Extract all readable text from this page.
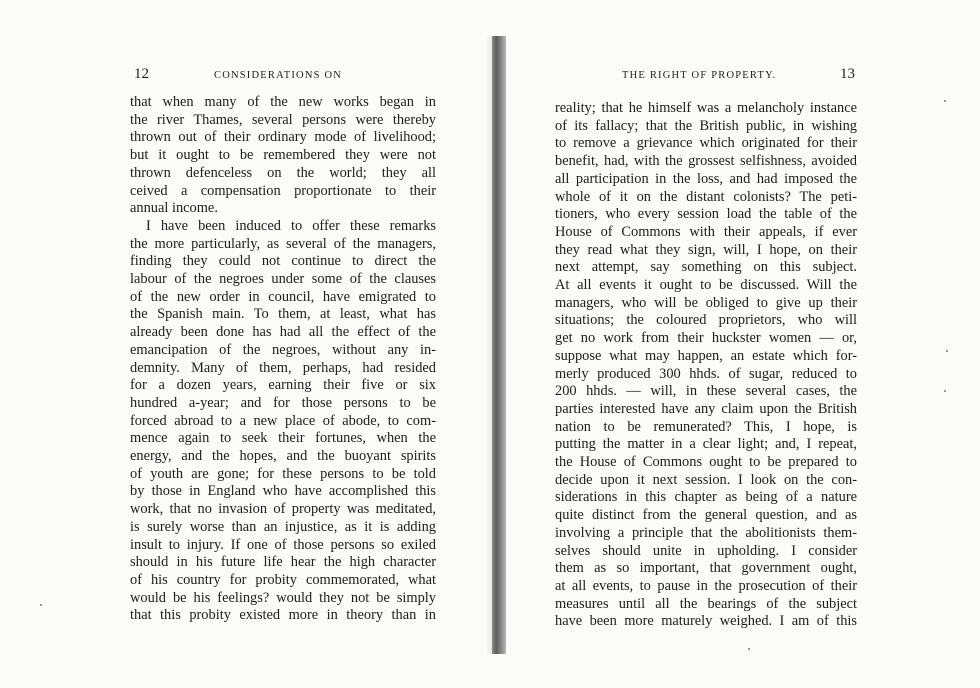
12	CONSIDERATIONS ON
that when many of the new works began in
the river Thames, several persons were thereby
thrown out of their ordinary mode of livelihood;
but it ought to be remembered they were not
thrown defenceless on the world; they all
ceived a compensation proportionate to their
annual income.
I have been induced to offer these remarks
the more particularly, as several of the managers,
finding they could not continue to direct the
labour of the negroes under some of the clauses
of the new order in council, have emigrated to
the Spanish main. To them, at least, what has
already been done has had all the effect of the
emancipation of the negroes, without any in-
demnity. Many of them, perhaps, had resided
for a dozen years, earning their five or six
hundred a-year; and for those persons to be
forced abroad to a new place of abode, to com-
mence again to seek their fortunes, when the
energy, and the hopes, and the buoyant spirits
of youth are gone; for these persons to be told
by those in England who have accomplished this
work, that no invasion of property was meditated,
is surely worse than an injustice, as it is adding
insult to injury. If one of those persons so exiled
should in his future life hear the high character
of his country for probity commemorated, what
would be his feelings? would they not be simply
that this probity existed more in theory than in
THE RIGHT OF PROPERTY.	13
reality; that he himself was a melancholy instance
of its fallacy; that the British public, in wishing
to remove a grievance which originated for their
benefit, had, with the grossest selfishness, avoided
all participation in the loss, and had imposed the
whole of it on the distant colonists? The peti-
tioners, who every session load the table of the
House of Commons with their appeals, if ever
they read what they sign, will, I hope, on their
next attempt, say something on this subject.
At all events it ought to be discussed. Will the
managers, who will be obliged to give up their
situations; the coloured proprietors, who will
get no work from their huckster women — or,
suppose what may happen, an estate which for-
merly produced 300 hhds. of sugar, reduced to
200 hhds. — will, in these several cases, the
parties interested have any claim upon the British
nation to be remunerated? This, I hope, is
putting the matter in a clear light; and, I repeat,
the House of Commons ought to be prepared to
decide upon it next session. I look on the con-
siderations in this chapter as being of a nature
quite distinct from the general question, and as
involving a principle that the abolitionists them-
selves should unite in upholding. I consider
them as so important, that government ought,
at all events, to pause in the prosecution of their
measures until all the bearings of the subject
have been more maturely weighed. I am of this
